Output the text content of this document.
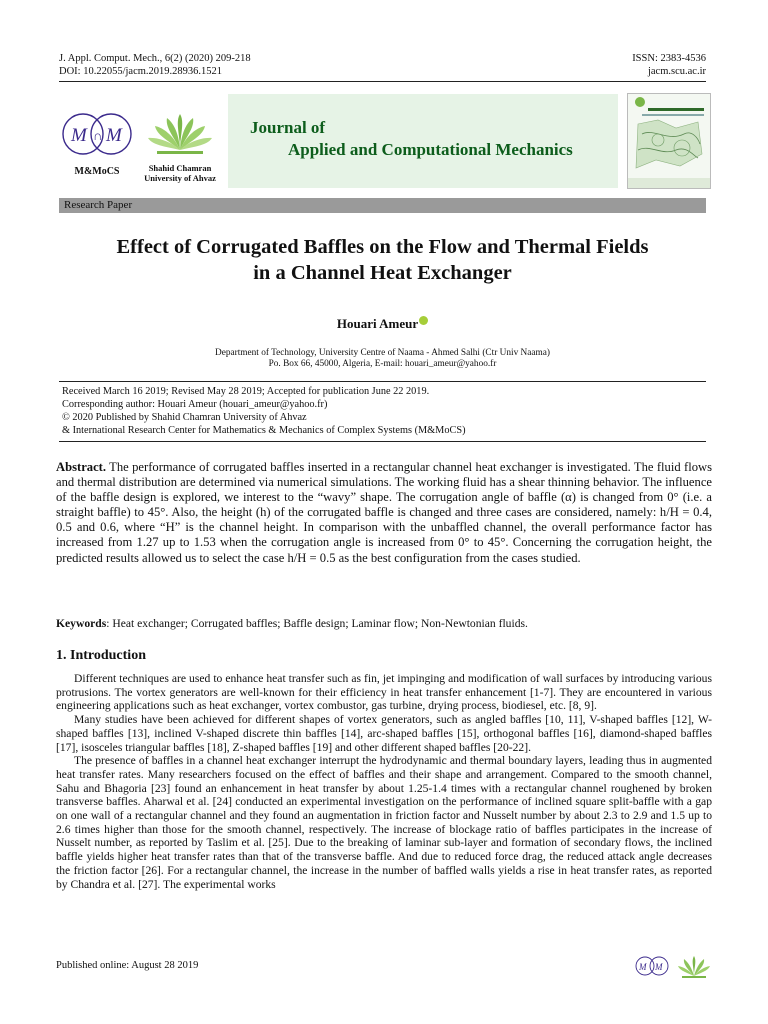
J. Appl. Comput. Mech., 6(2) (2020) 209-218
DOI: 10.22055/jacm.2019.28936.1521
ISSN: 2383-4536
jacm.scu.ac.ir
M ∩ M
M&MoCS	Shahid Chamran
University of Ahvaz
Journal of
Applied and Computational Mechanics
Research Paper
Effect of Corrugated Baffles on the Flow and Thermal Fields
in a Channel Heat Exchanger
Houari Ameur
Department of Technology, University Centre of Naama - Ahmed Salhi (Ctr Univ Naama)
Po. Box 66, 45000, Algeria, E-mail: houari_ameur@yahoo.fr
Received March 16 2019; Revised May 28 2019; Accepted for publication June 22 2019.
Corresponding author: Houari Ameur (houari_ameur@yahoo.fr)
© 2020 Published by Shahid Chamran University of Ahvaz
& International Research Center for Mathematics & Mechanics of Complex Systems (M&MoCS)
Abstract. The performance of corrugated baffles inserted in a rectangular channel heat exchanger is investigated. The fluid flows and thermal distribution are determined via numerical simulations. The working fluid has a shear thinning behavior. The influence of the baffle design is explored, we interest to the “wavy” shape. The corrugation angle of baffle (α) is changed from 0° (i.e. a straight baffle) to 45°. Also, the height (h) of the corrugated baffle is changed and three cases are considered, namely: h/H = 0.4, 0.5 and 0.6, where “H” is the channel height. In comparison with the unbaffled channel, the overall performance factor has increased from 1.27 up to 1.53 when the corrugation angle is increased from 0° to 45°. Concerning the corrugation height, the predicted results allowed us to select the case h/H = 0.5 as the best configuration from the cases studied.
Keywords: Heat exchanger; Corrugated baffles; Baffle design; Laminar flow; Non-Newtonian fluids.
1. Introduction

Different techniques are used to enhance heat transfer such as fin, jet impinging and modification of wall surfaces by introducing various protrusions. The vortex generators are well-known for their efficiency in heat transfer enhancement [1-7]. They are encountered in various engineering applications such as heat exchanger, vortex combustor, gas turbine, drying process, biodiesel, etc. [8, 9].

Many studies have been achieved for different shapes of vortex generators, such as angled baffles [10, 11], V-shaped baffles [12], W-shaped baffles [13], inclined V-shaped discrete thin baffles [14], arc-shaped baffles [15], orthogonal baffles [16], diamond-shaped baffles [17], isosceles triangular baffles [18], Z-shaped baffles [19] and other different shaped baffles [20-22].

The presence of baffles in a channel heat exchanger interrupt the hydrodynamic and thermal boundary layers, leading thus in augmented heat transfer rates. Many researchers focused on the effect of baffles and their shape and arrangement. Compared to the smooth channel, Sahu and Bhagoria [23] found an enhancement in heat transfer by about 1.25-1.4 times with a rectangular channel roughened by broken transverse baffles. Aharwal et al. [24] conducted an experimental investigation on the performance of inclined square split-baffle with a gap on one wall of a rectangular channel and they found an augmentation in friction factor and Nusselt number by about 2.3 to 2.9 and 1.5 up to 2.6 times higher than those for the smooth channel, respectively. The increase of blockage ratio of baffles participates in the increase of Nusselt number, as reported by Taslim et al. [25]. Due to the breaking of laminar sub-layer and formation of secondary flows, the inclined baffle yields higher heat transfer rates than that of the transverse baffle. And due to reduced force drag, the reduced attack angle decreases the friction factor [26]. For a rectangular channel, the increase in the number of baffled walls yields a rise in heat transfer rates, as reported by Chandra et al. [27]. The experimental works

Published online: August 28 2019	M M
